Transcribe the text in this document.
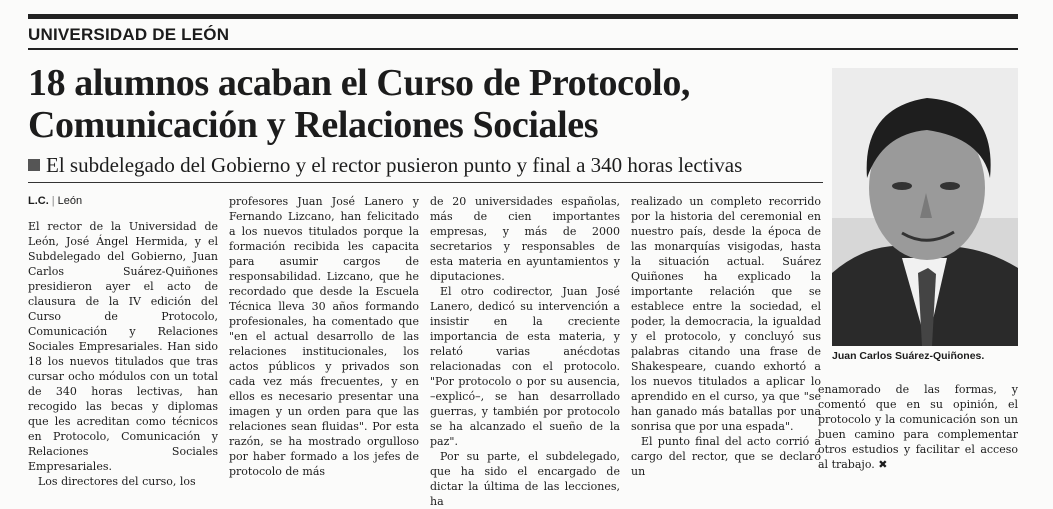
UNIVERSIDAD DE LEÓN
18 alumnos acaban el Curso de Protocolo,
Comunicación y Relaciones Sociales
El subdelegado del Gobierno y el rector pusieron punto y final a 340 horas lectivas
L.C. | León

El rector de la Universidad de León, José Ángel Hermida, y el Subdelegado del Gobierno, Juan Carlos Suárez-Quiñones presidieron ayer el acto de clausura de la IV edición del Curso de Protocolo, Comunicación y Relaciones Sociales Empresariales. Han sido 18 los nuevos titulados que tras cursar ocho módulos con un total de 340 horas lectivas, han recogido las becas y diplomas que les acreditan como técnicos en Protocolo, Comunicación y Relaciones Sociales Empresariales.

Los directores del curso, los

profesores Juan José Lanero y Fernando Lizcano, han felicitado a los nuevos titulados porque la formación recibida les capacita para asumir cargos de responsabilidad. Lizcano, que he recordado que desde la Escuela Técnica lleva 30 años formando profesionales, ha comentado que "en el actual desarrollo de las relaciones institucionales, los actos públicos y privados son cada vez más frecuentes, y en ellos es necesario presentar una imagen y un orden para que las relaciones sean fluidas". Por esta razón, se ha mostrado orgulloso por haber formado a los jefes de protocolo de más

de 20 universidades españolas, más de cien importantes empresas, y más de 2000 secretarios y responsables de esta materia en ayuntamientos y diputaciones.

El otro codirector, Juan José Lanero, dedicó su intervención a insistir en la creciente importancia de esta materia, y relató varias anécdotas relacionadas con el protocolo. "Por protocolo o por su ausencia, –explicó–, se han desarrollado guerras, y también por protocolo se ha alcanzado el sueño de la paz".

Por su parte, el subdelegado, que ha sido el encargado de dictar la última de las lecciones, ha

realizado un completo recorrido por la historia del ceremonial en nuestro país, desde la época de las monarquías visigodas, hasta la situación actual. Suárez Quiñones ha explicado la importante relación que se establece entre la sociedad, el poder, la democracia, la igualdad y el protocolo, y concluyó sus palabras citando una frase de Shakespeare, cuando exhortó a los nuevos titulados a aplicar lo aprendido en el curso, ya que "se han ganado más batallas por una sonrisa que por una espada".

El punto final del acto corrió a cargo del rector, que se declaró un

Juan Carlos Suárez-Quiñones.
enamorado de las formas, y comentó que en su opinión, el protocolo y la comunicación son un buen camino para complementar otros estudios y facilitar el acceso al trabajo. ✖
